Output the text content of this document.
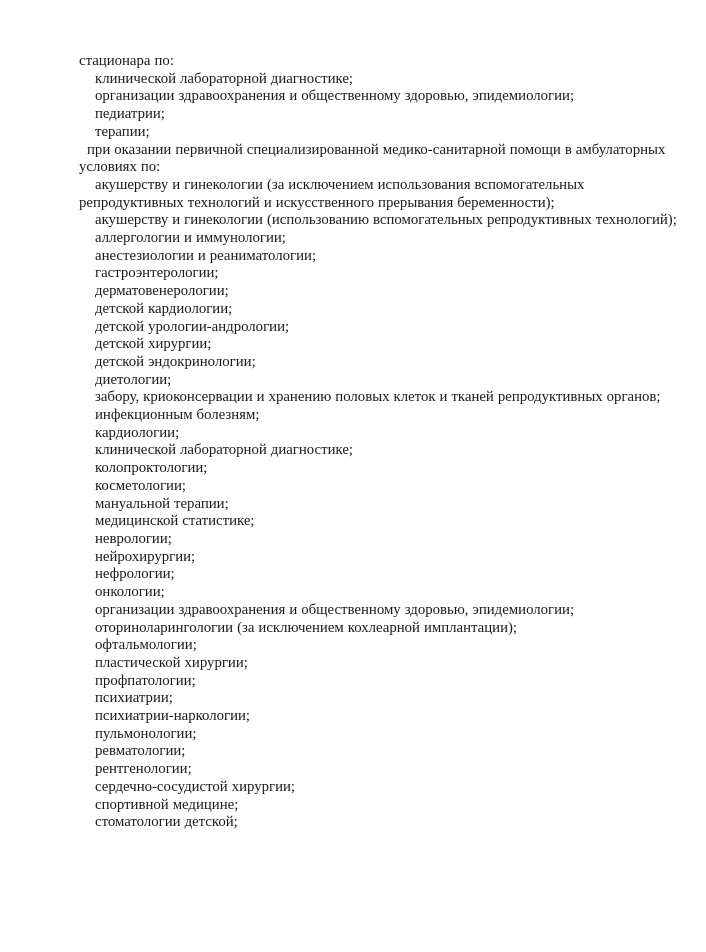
стационара по:

клинической лабораторной диагностике;

организации здравоохранения и общественному здоровью, эпидемиологии;

педиатрии;

терапии;

при оказании первичной специализированной медико-санитарной помощи в амбулаторных условиях по:

акушерству и гинекологии (за исключением использования вспомогательных репродуктивных технологий и искусственного прерывания беременности);

акушерству и гинекологии (использованию вспомогательных репродуктивных технологий);

аллергологии и иммунологии;

анестезиологии и реаниматологии;

гастроэнтерологии;

дерматовенерологии;

детской кардиологии;

детской урологии-андрологии;

детской хирургии;

детской эндокринологии;

диетологии;

забору, криоконсервации и хранению половых клеток и тканей репродуктивных органов;

инфекционным болезням;

кардиологии;

клинической лабораторной диагностике;

колопроктологии;

косметологии;

мануальной терапии;

медицинской статистике;

неврологии;

нейрохирургии;

нефрологии;

онкологии;

организации здравоохранения и общественному здоровью, эпидемиологии;

оториноларингологии (за исключением кохлеарной имплантации);

офтальмологии;

пластической хирургии;

профпатологии;

психиатрии;

психиатрии-наркологии;

пульмонологии;

ревматологии;

рентгенологии;

сердечно-сосудистой хирургии;

спортивной медицине;

стоматологии детской;
